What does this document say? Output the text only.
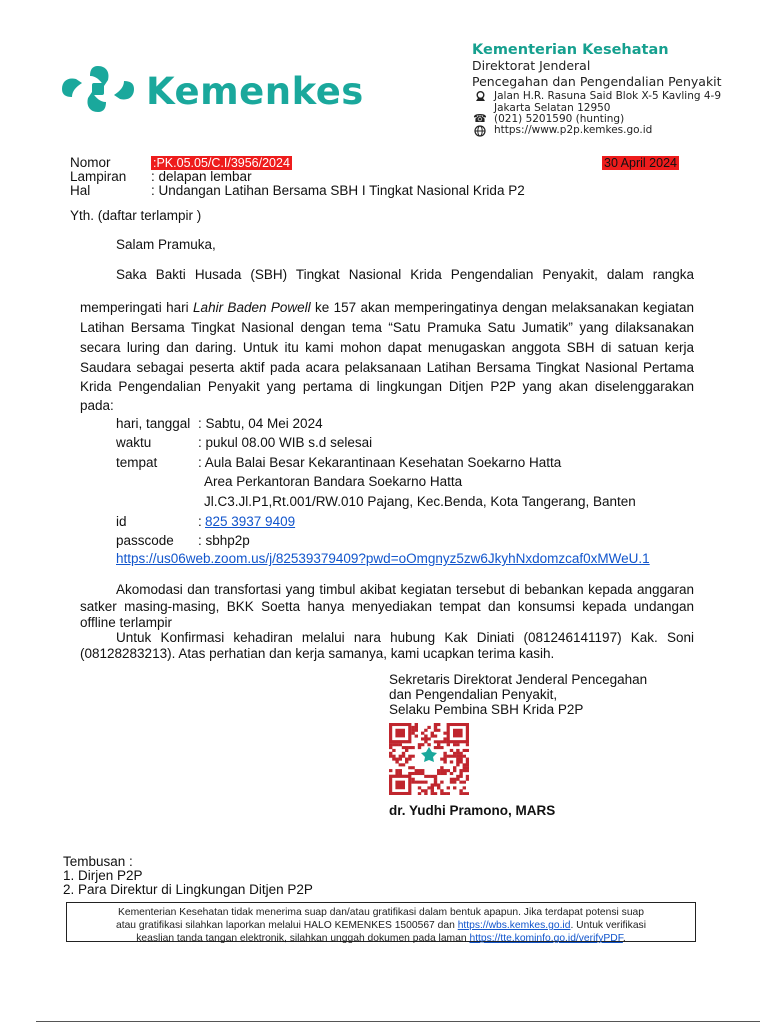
Kemenkes
Kementerian Kesehatan
Direktorat Jenderal
Pencegahan dan Pengendalian Penyakit
Jalan H.R. Rasuna Said Blok X-5 Kavling 4-9
Jakarta Selatan 12950
☎ (021) 5201590 (hunting)
https://www.p2p.kemkes.go.id
Nomor	:PK.05.05/C.I/3956/2024	30 April 2024
Lampiran : delapan lembar
Hal	: Undangan Latihan Bersama SBH I Tingkat Nasional Krida P2
Yth. (daftar terlampir )
Salam Pramuka,
Saka Bakti Husada (SBH) Tingkat Nasional Krida Pengendalian Penyakit, dalam rangka
memperingati hari Lahir Baden Powell ke 157 akan memperingatinya dengan melaksanakan kegiatan
Latihan Bersama Tingkat Nasional dengan tema “Satu Pramuka Satu Jumatik” yang dilaksanakan
secara luring dan daring. Untuk itu kami mohon dapat menugaskan anggota SBH di satuan kerja
Saudara sebagai peserta aktif pada acara pelaksanaan Latihan Bersama Tingkat Nasional Pertama
Krida Pengendalian Penyakit yang pertama di lingkungan Ditjen P2P yang akan diselenggarakan
pada:
hari, tanggal : Sabtu, 04 Mei 2024
waktu	: pukul 08.00 WIB s.d selesai
tempat	: Aula Balai Besar Kekarantinaan Kesehatan Soekarno Hatta
Area Perkantoran Bandara Soekarno Hatta
Jl.C3.Jl.P1,Rt.001/RW.010 Pajang, Kec.Benda, Kota Tangerang, Banten
id	: 825 3937 9409
passcode : sbhp2p
https://us06web.zoom.us/j/82539379409?pwd=oOmgnyz5zw6JkyhNxdomzcaf0xMWeU.1
Akomodasi dan transfortasi yang timbul akibat kegiatan tersebut di bebankan kepada anggaran
satker masing-masing, BKK Soetta hanya menyediakan tempat dan konsumsi kepada undangan
offline terlampir
Untuk Konfirmasi kehadiran melalui nara hubung Kak Diniati (081246141197) Kak. Soni
(08128283213). Atas perhatian dan kerja samanya, kami ucapkan terima kasih.
Sekretaris Direktorat Jenderal Pencegahan
dan Pengendalian Penyakit,
Selaku Pembina SBH Krida P2P
dr. Yudhi Pramono, MARS
Tembusan :
1. Dirjen P2P
2. Para Direktur di Lingkungan Ditjen P2P
Kementerian Kesehatan tidak menerima suap dan/atau gratifikasi dalam bentuk apapun. Jika terdapat potensi suap
atau gratifikasi silahkan laporkan melalui HALO KEMENKES 1500567 dan https://wbs.kemkes.go.id. Untuk verifikasi
keaslian tanda tangan elektronik, silahkan unggah dokumen pada laman https://tte.kominfo.go.id/verifyPDF.
